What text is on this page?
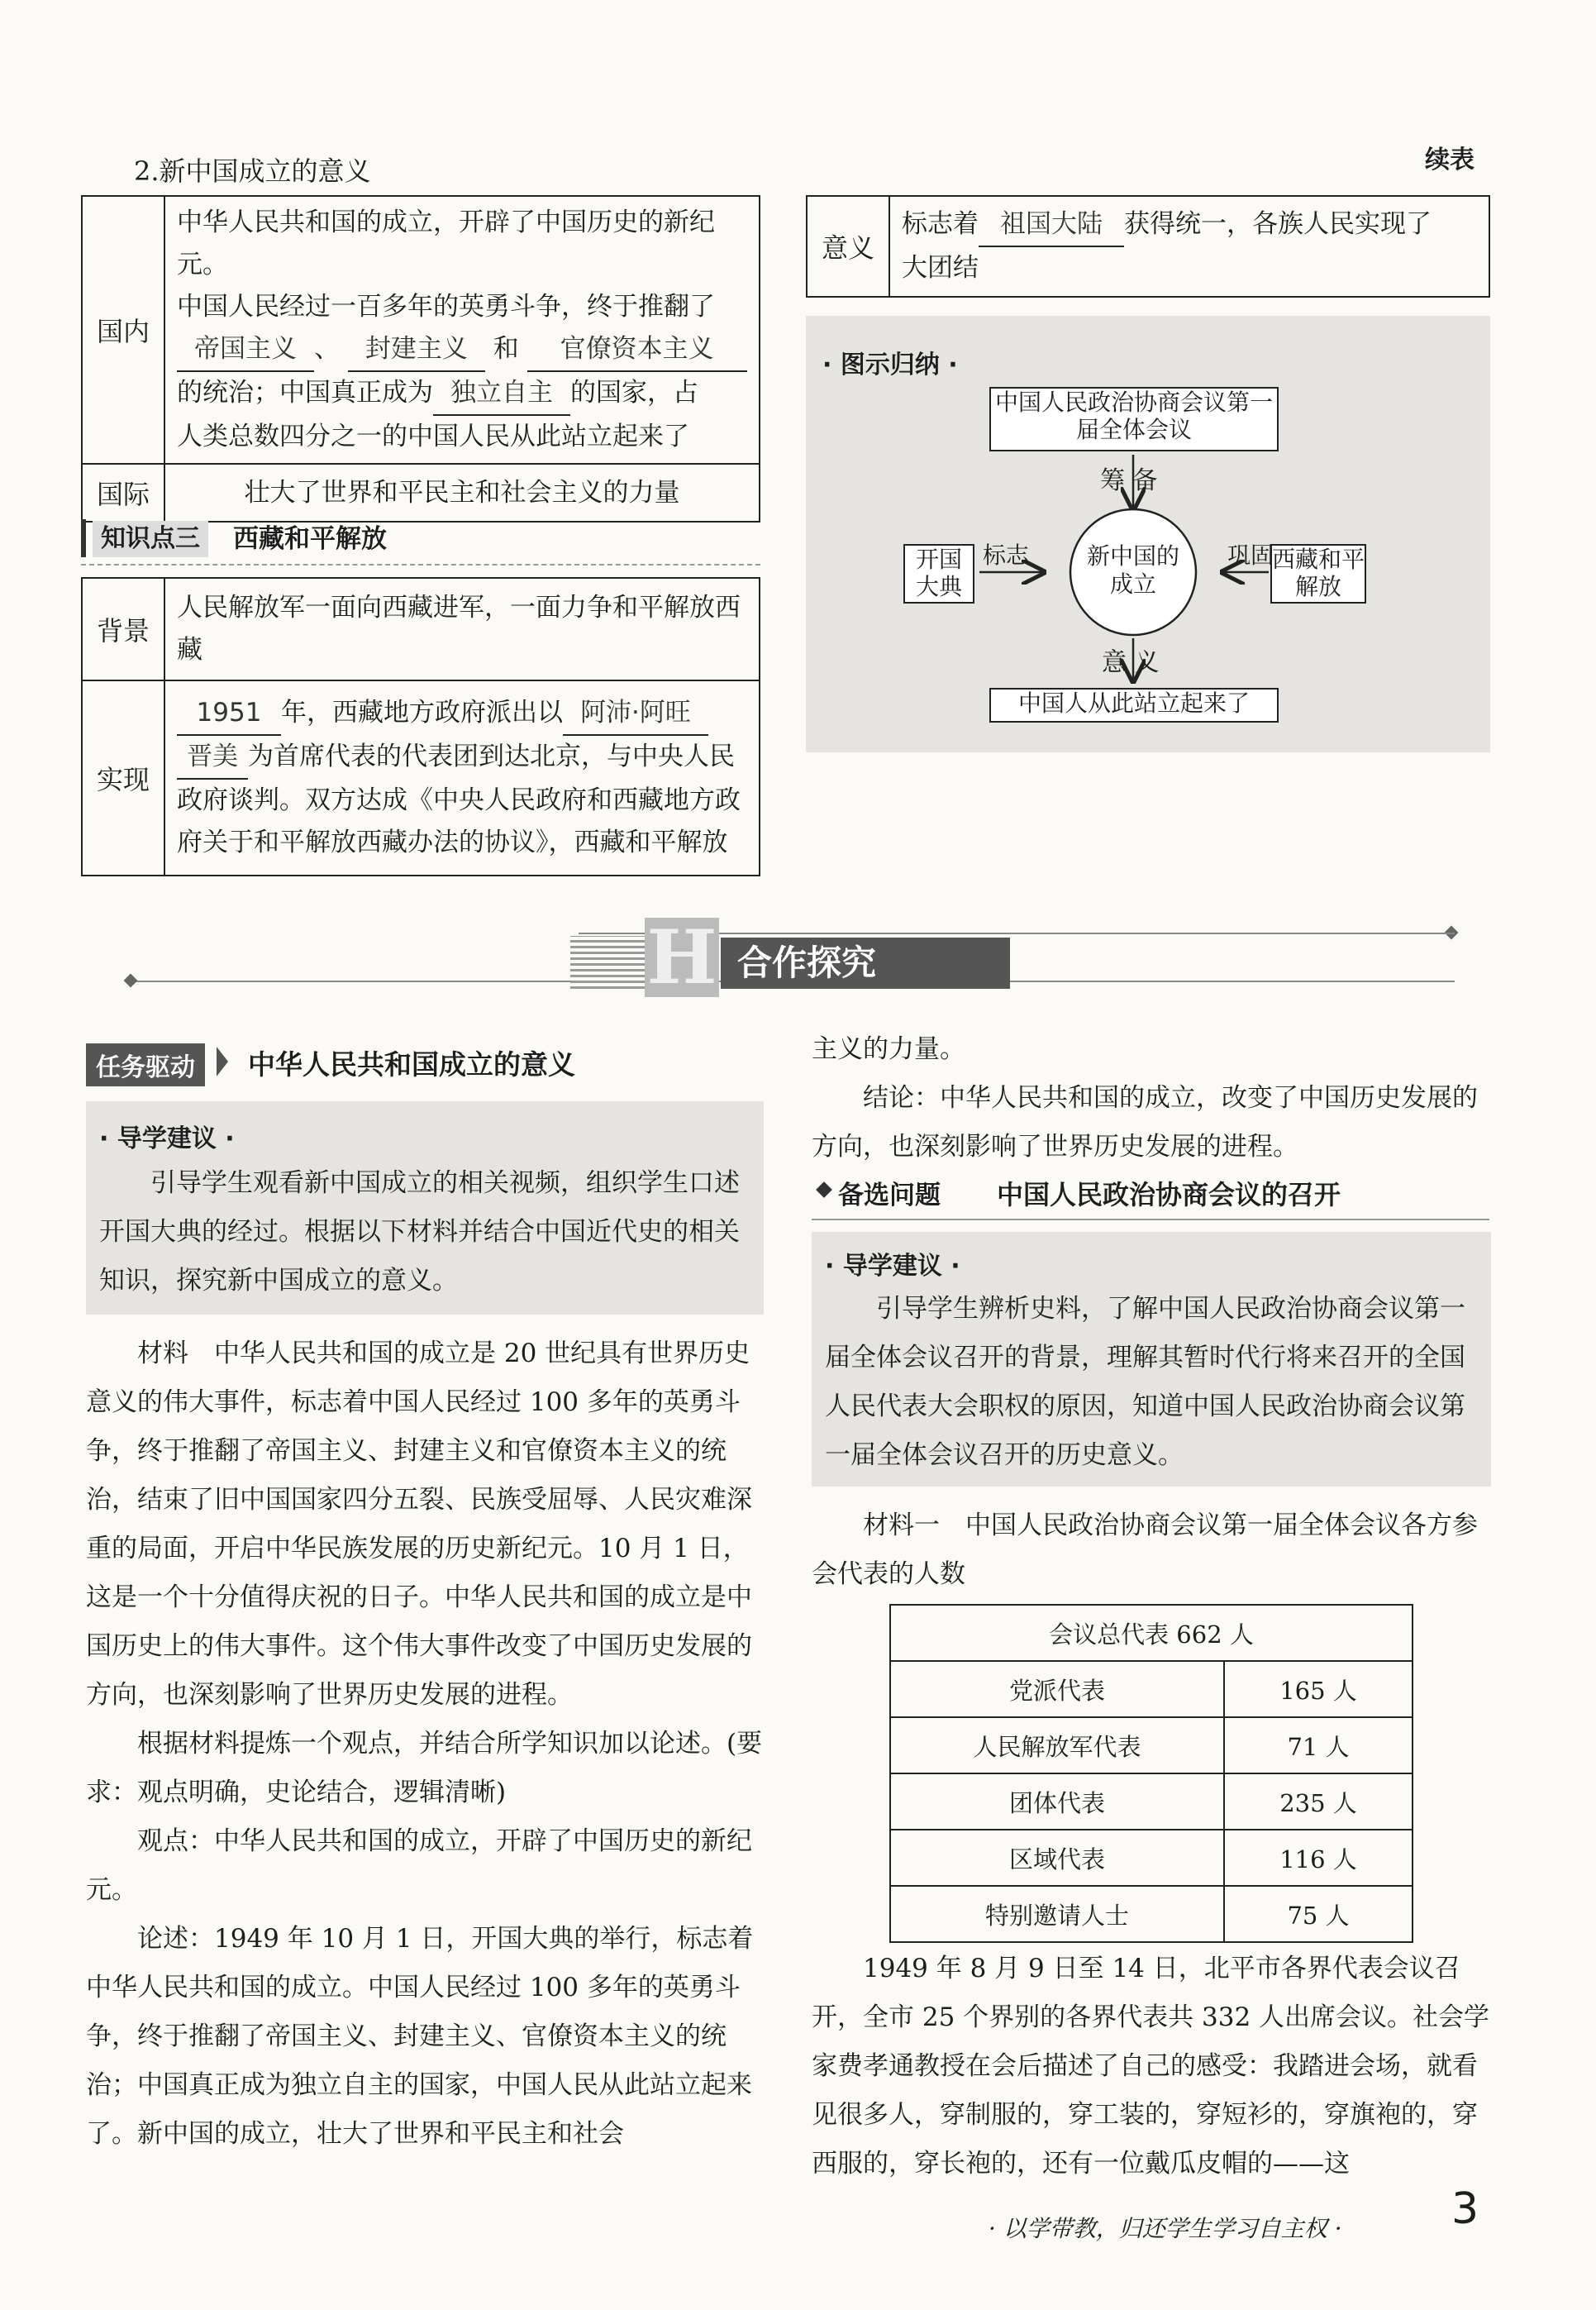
2.新中国成立的意义
国内	中华人民共和国的成立，开辟了中国历史的新纪元。
中国人民经过一百多年的英勇斗争，终于推翻了
帝国主义 、 封建主义 和 官僚资本主义
的统治；中国真正成为 独立自主 的国家，占
人类总数四分之一的中国人民从此站立起来了

国际	壮大了世界和平民主和社会主义的力量
续表
意义	
标志着 祖国大陆 获得统一，各族人民实现了
大团结
· 图示归纳 ·
中国人民政治协商会议第一届全体会议
筹 备
新中国的成立
开国大典
标志	西藏和平解放
巩固
意 义
中国人从此站立起来了
知识点三	西藏和平解放
背景	人民解放军一面向西藏进军，一面力争和平解放西藏
实现	1951 年，西藏地方政府派出以 阿沛·阿旺 晋美 为首席代表的代表团到达北京，与中央人民政府谈判。双方达成《中央人民政府和西藏地方政府关于和平解放西藏办法的协议》，西藏和平解放
H 合作探究
任务驱动	中华人民共和国成立的意义
· 导学建议 ·

引导学生观看新中国成立的相关视频，组织学生口述开国大典的经过。根据以下材料并结合中国近代史的相关知识，探究新中国成立的意义。

材料　中华人民共和国的成立是 20 世纪具有世界历史意义的伟大事件，标志着中国人民经过 100 多年的英勇斗争，终于推翻了帝国主义、封建主义和官僚资本主义的统治，结束了旧中国国家四分五裂、民族受屈辱、人民灾难深重的局面，开启中华民族发展的历史新纪元。10 月 1 日，这是一个十分值得庆祝的日子。中华人民共和国的成立是中国历史上的伟大事件。这个伟大事件改变了中国历史发展的方向，也深刻影响了世界历史发展的进程。

根据材料提炼一个观点，并结合所学知识加以论述。(要求：观点明确，史论结合，逻辑清晰)

观点：中华人民共和国的成立，开辟了中国历史的新纪元。

论述：1949 年 10 月 1 日，开国大典的举行，标志着中华人民共和国的成立。中国人民经过 100 多年的英勇斗争，终于推翻了帝国主义、封建主义、官僚资本主义的统治；中国真正成为独立自主的国家，中国人民从此站立起来了。新中国的成立，壮大了世界和平民主和社会

主义的力量。

结论：中华人民共和国的成立，改变了中国历史发展的方向，也深刻影响了世界历史发展的进程。

备选问题 中国人民政治协商会议的召开
· 导学建议 ·

引导学生辨析史料，了解中国人民政治协商会议第一届全体会议召开的背景，理解其暂时代行将来召开的全国人民代表大会职权的原因，知道中国人民政治协商会议第一届全体会议召开的历史意义。

材料一　中国人民政治协商会议第一届全体会议各方参会代表的人数

会议总代表 662 人	
党派代表	165 人
人民解放军代表	71 人
团体代表	235 人
区域代表	116 人
特别邀请人士	75 人

1949 年 8 月 9 日至 14 日，北平市各界代表会议召开，全市 25 个界别的各界代表共 332 人出席会议。社会学家费孝通教授在会后描述了自己的感受：我踏进会场，就看见很多人，穿制服的，穿工装的，穿短衫的，穿旗袍的，穿西服的，穿长袍的，还有一位戴瓜皮帽的——这

· 以学带教，归还学生学习自主权 ·	3
